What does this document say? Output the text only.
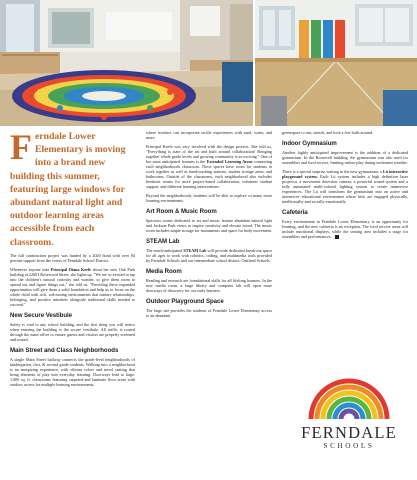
Ferndale Lower Elementary is moving into a brand new building this summer, featuring large windows for abundant natural light and outdoor learning areas accessible from each classroom.

The full construction project was funded by a 2020 bond with over 84 percent support from the voters of Ferndale School District.

Whenever anyone asks Principal Diana Keefe about her new Oak Park building at 22601 Rosewood Street, she lights up. "We are so excited to tap into the children's natural curiosity and wonder, to give them room to spread out and figure things out," she told us. "Providing these expanded opportunities will give them a solid foundation and help us to focus on the whole child with rich, welcoming environments that nurture relationships, belonging, and positive mindsets alongside traditional skills needed to succeed."

New Secure Vestibule

Safety is vital to any school building, and the first thing you will notice when entering the building is the secure vestibule. All traffic is routed through the main office to ensure guests and visitors are properly screened and routed.

Main Street and Class Neighborhoods

A single Main Street hallway connects the grade-level neighborhoods of kindergarten, first, & second grade students. Walking into a neighborhood is an energizing experience, with vibrant colors and novel seating that bring elements of play into everyday learning. Doorways lead to large, 1,000 sq. ft. classrooms featuring carpeted and laminate floor areas with outdoor access for multiple learning environments,

where teachers can incorporate tactile experiences with sand, water, and more.

Principal Keefe was very involved with the design process. She told us, "Everything is state of the art and built around collaboration! Bringing together whole grade levels and growing community is so exciting." One of her most anticipated features is the Extended Learning Areas connecting each neighborhoods classroom. These spaces have room for students to work together as well as hand-washing stations, student storage areas, and bathrooms. Outside of the classrooms, each neighborhood also includes breakout rooms for more project-based collaboration, volunteer student support, and different learning interventions.

Beyond the neighborhoods, students will be able to explore so many more learning environments.

Art Room & Music Room

Spacious rooms dedicated to art and music feature abundant natural light and Jackson Park views to inspire creativity and elevate mood. The music room includes ample storage for instruments and space for body movement.

STEAM Lab

The much-anticipated STEAM Lab will provide dedicated break-out space for all ages to work with robotics, coding, and multimedia tools provided by Ferndale Schools and our intermediate school district, Oakland Schools.

Media Room

Reading and research are foundational skills for all lifelong learners. In the new media room, a large library and computer lab will open more doorways of discovery for our early learners.

Outdoor Playground Space

The large site provides the students of Ferndale Lower Elementary access to an abundant

greenspace to run, stretch, and kick a few balls around.

Indoor Gymnasium

Another highly anticipated improvement is the addition of a dedicated gymnasium. In the Roosevelt building, the gymnasium was also used for assemblies and food service, limiting indoor play during inclement weather.

There is a special surprise waiting in the new gymnasium: a Lü interactive playground system. Each Lü system includes a high definition laser projector, a movement detection camera, a powerful sound system and a fully automated multi-colored lighting system to create immersive experiences. The Lü will transform the gymnasium into an active and immersive educational environment where kids are engaged physically, intellectually and socially-emotionally.

Cafeteria

Every environment in Ferndale Lower Elementary is an opportunity for learning, and the new cafeteria is no exception. The food service areas will include nutritional displays, while the seating area includes a stage for assemblies and performances.

FERNDALE
SCHOOLS
